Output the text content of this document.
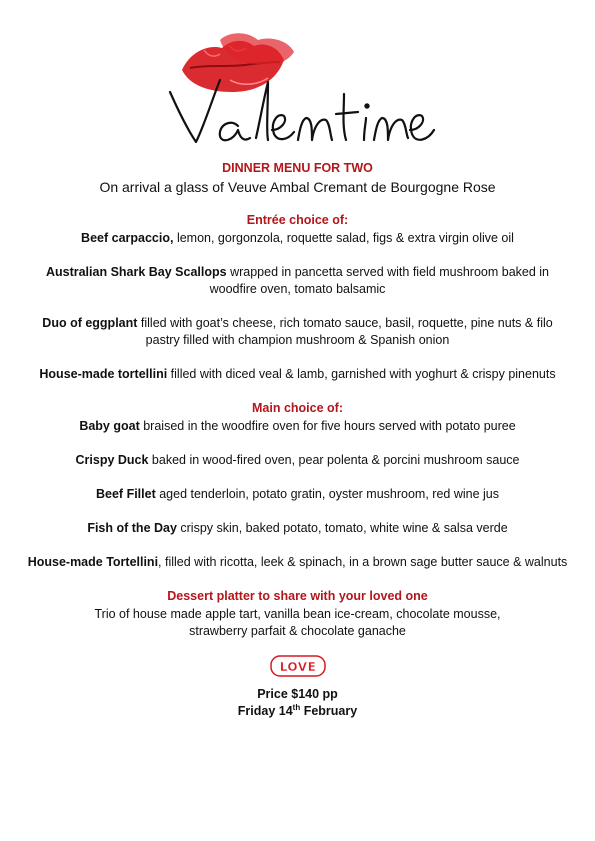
DINNER MENU FOR TWO

On arrival a glass of Veuve Ambal Cremant de Bourgogne Rose

Entrée choice of:

Beef carpaccio, lemon, gorgonzola, roquette salad, figs & extra virgin olive oil

Australian Shark Bay Scallops wrapped in pancetta served with field mushroom baked in woodfire oven, tomato balsamic

Duo of eggplant filled with goat’s cheese, rich tomato sauce, basil, roquette, pine nuts & filo pastry filled with champion mushroom & Spanish onion

House-made tortellini filled with diced veal & lamb, garnished with yoghurt & crispy pinenuts

Main choice of:

Baby goat braised in the woodfire oven for five hours served with potato puree

Crispy Duck baked in wood-fired oven, pear polenta & porcini mushroom sauce

Beef Fillet aged tenderloin, potato gratin, oyster mushroom, red wine jus

Fish of the Day crispy skin, baked potato, tomato, white wine & salsa verde

House-made Tortellini, filled with ricotta, leek & spinach, in a brown sage butter sauce & walnuts

Dessert platter to share with your loved one

Trio of house made apple tart, vanilla bean ice-cream, chocolate mousse,

strawberry parfait & chocolate ganache

LOVE

Price $140 pp

Friday 14th February
